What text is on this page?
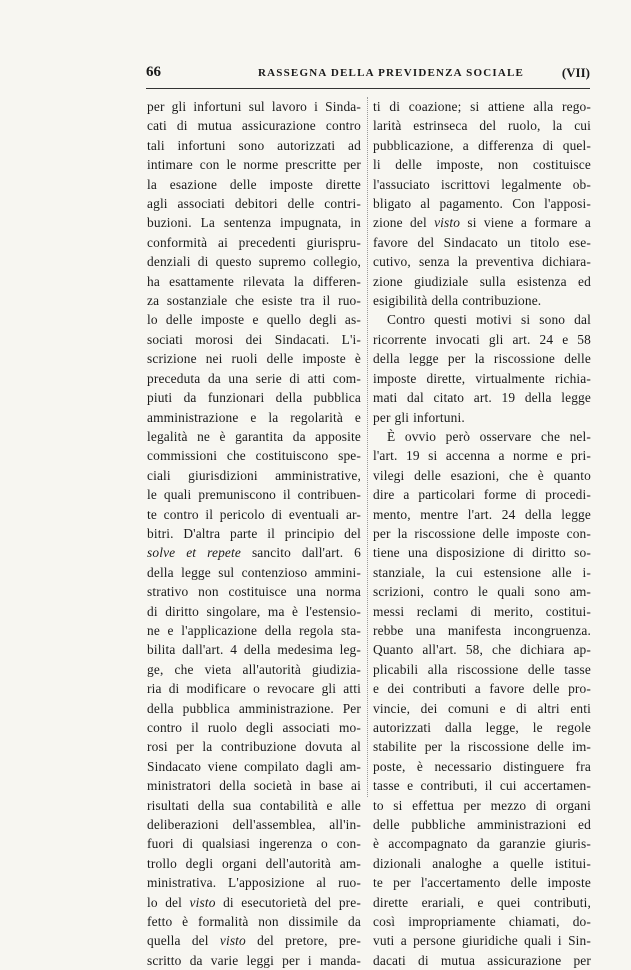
66	RASSEGNA DELLA PREVIDENZA SOCIALE	(VII)
per gli infortuni sul lavoro i Sinda-
cati di mutua assicurazione contro
tali infortuni sono autorizzati ad
intimare con le norme prescritte per
la esazione delle imposte dirette
agli associati debitori delle contri-
buzioni. La sentenza impugnata, in
conformità ai precedenti giurispru-
denziali di questo supremo collegio,
ha esattamente rilevata la differen-
za sostanziale che esiste tra il ruo-
lo delle imposte e quello degli as-
sociati morosi dei Sindacati. L'i-
scrizione nei ruoli delle imposte è
preceduta da una serie di atti com-
piuti da funzionari della pubblica
amministrazione e la regolarità e
legalità ne è garantita da apposite
commissioni che costituiscono spe-
ciali giurisdizioni amministrative,
le quali premuniscono il contribuen-
te contro il pericolo di eventuali ar-
bitri. D'altra parte il principio del
solve et repete sancito dall'art. 6
della legge sul contenzioso ammini-
strativo non costituisce una norma
di diritto singolare, ma è l'estensio-
ne e l'applicazione della regola sta-
bilita dall'art. 4 della medesima leg-
ge, che vieta all'autorità giudizia-
ria di modificare o revocare gli atti
della pubblica amministrazione. Per
contro il ruolo degli associati mo-
rosi per la contribuzione dovuta al
Sindacato viene compilato dagli am-
ministratori della società in base ai
risultati della sua contabilità e alle
deliberazioni dell'assemblea, all'in-
fuori di qualsiasi ingerenza o con-
trollo degli organi dell'autorità am-
ministrativa. L'apposizione al ruo-
lo del visto di esecutorietà del pre-
fetto è formalità non dissimile da
quella del visto del pretore, pre-
scritto da varie leggi per i manda-
ti di coazione; si attiene alla rego-
larità estrinseca del ruolo, la cui
pubblicazione, a differenza di quel-
li delle imposte, non costituisce
l'assuciato iscrittovi legalmente ob-
bligato al pagamento. Con l'apposi-
zione del visto si viene a formare a
favore del Sindacato un titolo ese-
cutivo, senza la preventiva dichiara-
zione giudiziale sulla esistenza ed
esigibilità della contribuzione.
Contro questi motivi si sono dal
ricorrente invocati gli art. 24 e 58
della legge per la riscossione delle
imposte dirette, virtualmente richia-
mati dal citato art. 19 della legge
per gli infortuni.
È ovvio però osservare che nel-
l'art. 19 si accenna a norme e pri-
vilegi delle esazioni, che è quanto
dire a particolari forme di procedi-
mento, mentre l'art. 24 della legge
per la riscossione delle imposte con-
tiene una disposizione di diritto so-
stanziale, la cui estensione alle i-
scrizioni, contro le quali sono am-
messi reclami di merito, costitui-
rebbe una manifesta incongruenza.
Quanto all'art. 58, che dichiara ap-
plicabili alla riscossione delle tasse
e dei contributi a favore delle pro-
vincie, dei comuni e di altri enti
autorizzati dalla legge, le regole
stabilite per la riscossione delle im-
poste, è necessario distinguere fra
tasse e contributi, il cui accertamen-
to si effettua per mezzo di organi
delle pubbliche amministrazioni ed
è accompagnato da garanzie giuris-
dizionali analoghe a quelle istitui-
te per l'accertamento delle imposte
dirette erariali, e quei contributi,
così impropriamente chiamati, do-
vuti a persone giuridiche quali i Sin-
dacati di mutua assicurazione per
